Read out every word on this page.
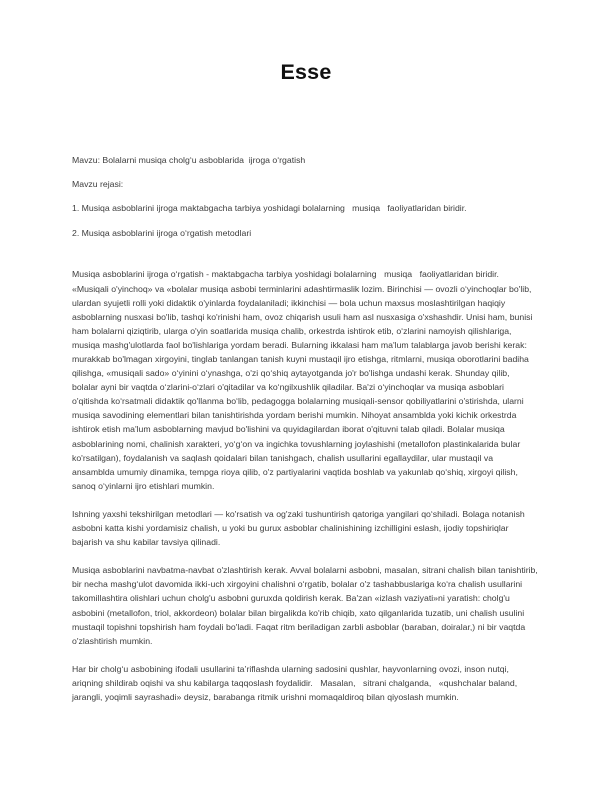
Esse

Mavzu: Bolalarni musiqa cholg‘u asboblarida  ijroga o‘rgatish

Mavzu rejasi:

1. Musiqa asboblarini ijroga maktabgacha tarbiya yoshidagi bolalarning   musiqa   faoliyatlaridan biridir.

2. Musiqa asboblarini ijroga o‘rgatish metodlari

Musiqa asboblarini ijroga o‘rgatish - maktabgacha tarbiya yoshidagi bolalarning   musiqa   faoliyatlaridan biridir. «Musiqali o'yinchoq» va «bolalar musiqa asbobi terminlarini adashtirmaslik lozim. Birinchisi — ovozli o‘yinchoqlar bo'lib, ulardan syujetli rolli yoki didaktik o'yinlarda foydalaniladi; ikkinchisi — bola uchun maxsus moslashtirilgan haqiqiy asboblarning nusxasi bo'lib, tashqi ko'rinishi ham, ovoz chiqarish usuli ham asl nusxasiga o'xshashdir. Unisi ham, bunisi ham bolalarni qiziqtirib, ularga o'yin soatlarida musiqa chalib, orkestrda ishtirok etib, o‘zlarini namoyish qilishlariga, musiqa mashg'ulotlarda faol bo'lishlariga yordam beradi. Bularning ikkalasi ham ma'lum talablarga javob berishi kerak: murakkab bo'lmagan xirgoyini, tinglab tanlangan tanish kuyni mustaqil ijro etishga, ritmlarni, musiqa oborotlarini badiha qilishga, «musiqali sado» o‘yinini o‘ynashga, o'zi qo‘shiq aytayotganda jo'r bo'lishga undashi kerak. Shunday qilib, bolalar ayni bir vaqtda o‘zlarini-o‘zlari o'qitadilar va ko‘ngilxushlik qiladilar. Ba'zi o‘yinchoqlar va musiqa asboblari o'qitishda ko‘rsatmali didaktik qo'llanma bo‘lib, pedagogga bolalarning musiqali-sensor qobiliyatlarini o'stirishda, ularni musiqa savodining elementlari bilan tanishtirishda yordam berishi mumkin. Nihoyat ansamblda yoki kichik orkestrda ishtirok etish ma'lum asboblarning mavjud bo'lishini va quyidagilardan iborat o'qituvni talab qiladi. Bolalar musiqa asboblarining nomi, chalinish xarakteri, yo‘g‘on va ingichka tovushlarning joylashishi (metallofon plastinkalarida bular ko'rsatilgan), foydalanish va saqlash qoidalari bilan tanishgach, chalish usullarini egallaydilar, ular mustaqil va ansamblda umumiy dinamika, tempga rioya qilib, o'z partiyalarini vaqtida boshlab va yakunlab qo‘shiq, xirgoyi qilish, sanoq o‘yinlarni ijro etishlari mumkin.

Ishning yaxshi tekshirilgan metodlari — ko'rsatish va og'zaki tushuntirish qatoriga yangilari qo‘shiladi. Bolaga notanish asbobni katta kishi yordamisiz chalish, u yoki bu gurux asboblar chalinishining izchilligini eslash, ijodiy topshiriqlar bajarish va shu kabilar tavsiya qilinadi.

Musiqa asboblarini navbatma-navbat o'zlashtirish kerak. Avval bolalarni asbobni, masalan, sitrani chalish bilan tanishtirib, bir necha mashg‘ulot davomida ikki-uch xirgoyini chalishni o‘rgatib, bolalar o'z tashabbuslariga ko‘ra chalish usullarini takomillashtira olishlari uchun cholg'u asbobni guruxda qoldirish kerak. Ba'zan «izlash vaziyati»ni yaratish: cholg'u asbobini (metallofon, triol, akkordeon) bolalar bilan birgalikda ko'rib chiqib, xato qilganlarida tuzatib, uni chalish usulini mustaqil topishni topshirish ham foydali bo'ladi. Faqat ritm beriladigan zarbli asboblar (baraban, doiralar,) ni bir vaqtda o'zlashtirish mumkin.

Har bir cholg‘u asbobining ifodali usullarini ta’riflashda ularning sadosini qushlar, hayvonlarning ovozi, inson nutqi, ariqning shildirab oqishi va shu kabilarga taqqoslash foydalidir.   Masalan,   sitrani chalganda,   «qushchalar baland,   jarangli, yoqimli sayrashadi» deysiz, barabanga ritmik urishni momaqaldiroq bilan qiyoslash mumkin.
